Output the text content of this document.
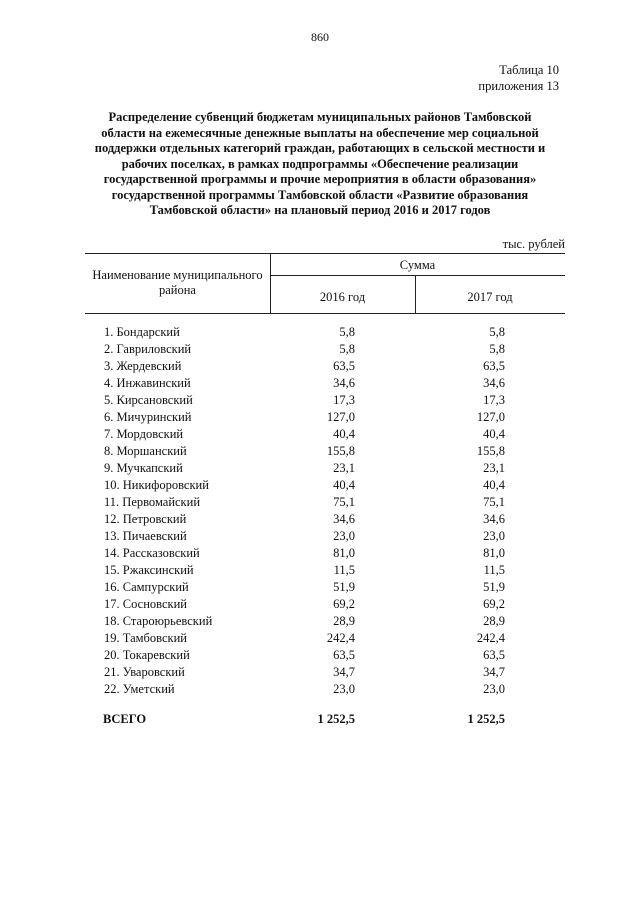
860
Таблица 10
приложения 13
Распределение субвенций бюджетам муниципальных районов Тамбовской
области на ежемесячные денежные выплаты на обеспечение мер социальной
поддержки отдельных категорий граждан, работающих в сельской местности и
рабочих поселках, в рамках подпрограммы «Обеспечение реализации
государственной программы и прочие мероприятия в области образования»
государственной программы Тамбовской области «Развитие образования
Тамбовской области» на плановый период 2016 и 2017 годов
тыс. рублей
Наименование муниципального района
Сумма
2016 год	2017 год
1. Бондарский	5,8	5,8
2. Гавриловский	5,8	5,8
3. Жердевский	63,5	63,5
4. Инжавинский	34,6	34,6
5. Кирсановский	17,3	17,3
6. Мичуринский	127,0	127,0
7. Мордовский	40,4	40,4
8. Моршанский	155,8	155,8
9. Мучкапский	23,1	23,1
10. Никифоровский	40,4	40,4
11. Первомайский	75,1	75,1
12. Петровский	34,6	34,6
13. Пичаевский	23,0	23,0
14. Рассказовский	81,0	81,0
15. Ржаксинский	11,5	11,5
16. Сампурский	51,9	51,9
17. Сосновский	69,2	69,2
18. Староюрьевский	28,9	28,9
19. Тамбовский	242,4	242,4
20. Токаревский	63,5	63,5
21. Уваровский	34,7	34,7
22. Уметский	23,0	23,0
ВСЕГО	1 252,5	1 252,5
